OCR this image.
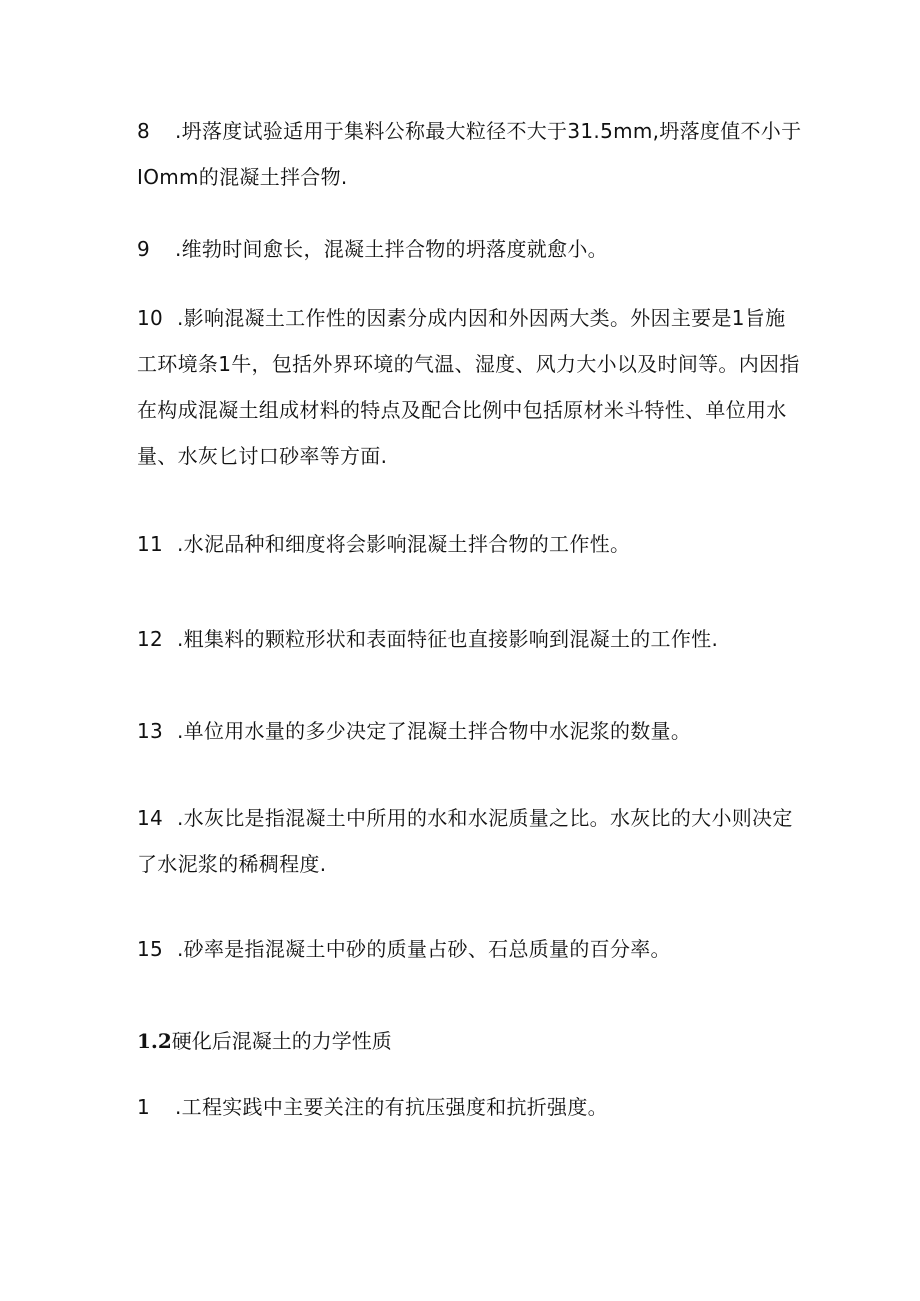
8 .坍落度试验适用于集料公称最大粒径不大于31.5mm,坍落度值不小于
IOmm的混凝土拌合物.
9 .维勃时间愈长，混凝土拌合物的坍落度就愈小。
10 .影响混凝土工作性的因素分成内因和外因两大类。外因主要是1旨施
工环境条1牛，包括外界环境的气温、湿度、风力大小以及时间等。内因指
在构成混凝土组成材料的特点及配合比例中包括原材米斗特性、单位用水
量、水灰匕讨口砂率等方面.
11 .水泥品种和细度将会影响混凝土拌合物的工作性。
12 .粗集料的颗粒形状和表面特征也直接影响到混凝土的工作性.
13 .单位用水量的多少决定了混凝土拌合物中水泥浆的数量。
14 .水灰比是指混凝土中所用的水和水泥质量之比。水灰比的大小则决定
了水泥浆的稀稠程度.
15 .砂率是指混凝土中砂的质量占砂、石总质量的百分率。
1.2硬化后混凝土的力学性质
1 .工程实践中主要关注的有抗压强度和抗折强度。
